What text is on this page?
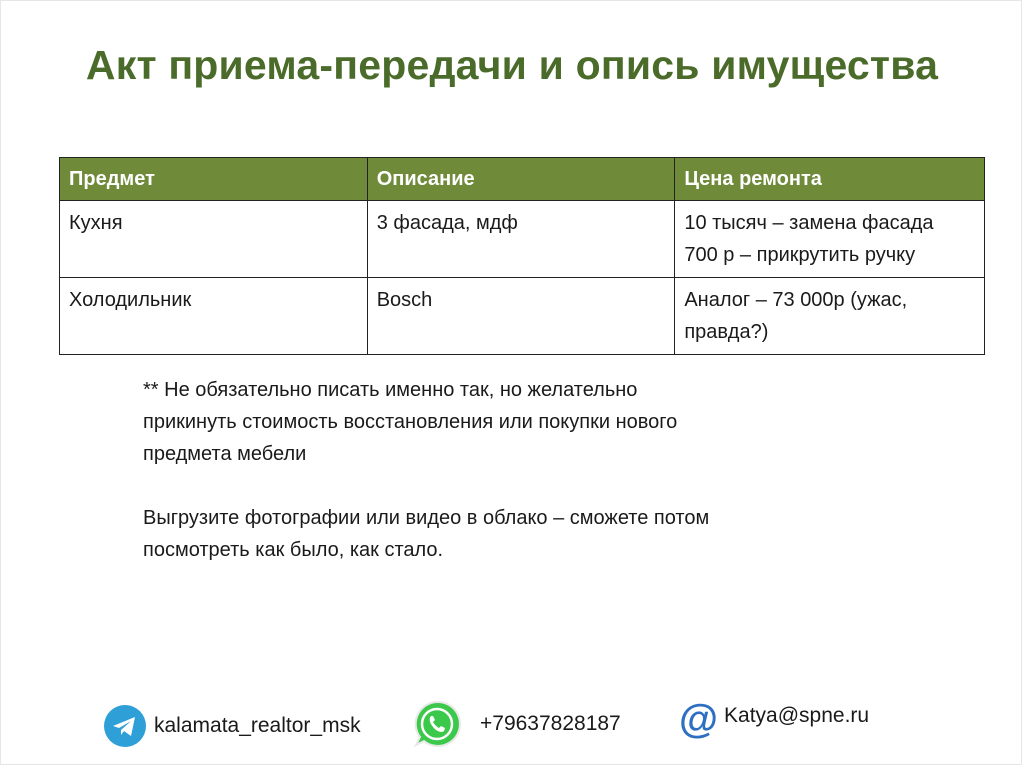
Акт приема-передачи и опись имущества
Предмет	Описание	Цена ремонта
Кухня	3 фасада, мдф	10 тысяч – замена фасада
700 р – прикрутить ручку

Холодильник	Bosch	Аналог – 73 000р (ужас,
правда?)

** Не обязательно писать именно так, но желательно
прикинуть стоимость восстановления или покупки нового
предмета мебели

Выгрузите фотографии или видео в облако – сможете потом
посмотреть как было, как стало.

kalamata_realtor_msk	+79637828187 @ Katya@spne.ru
